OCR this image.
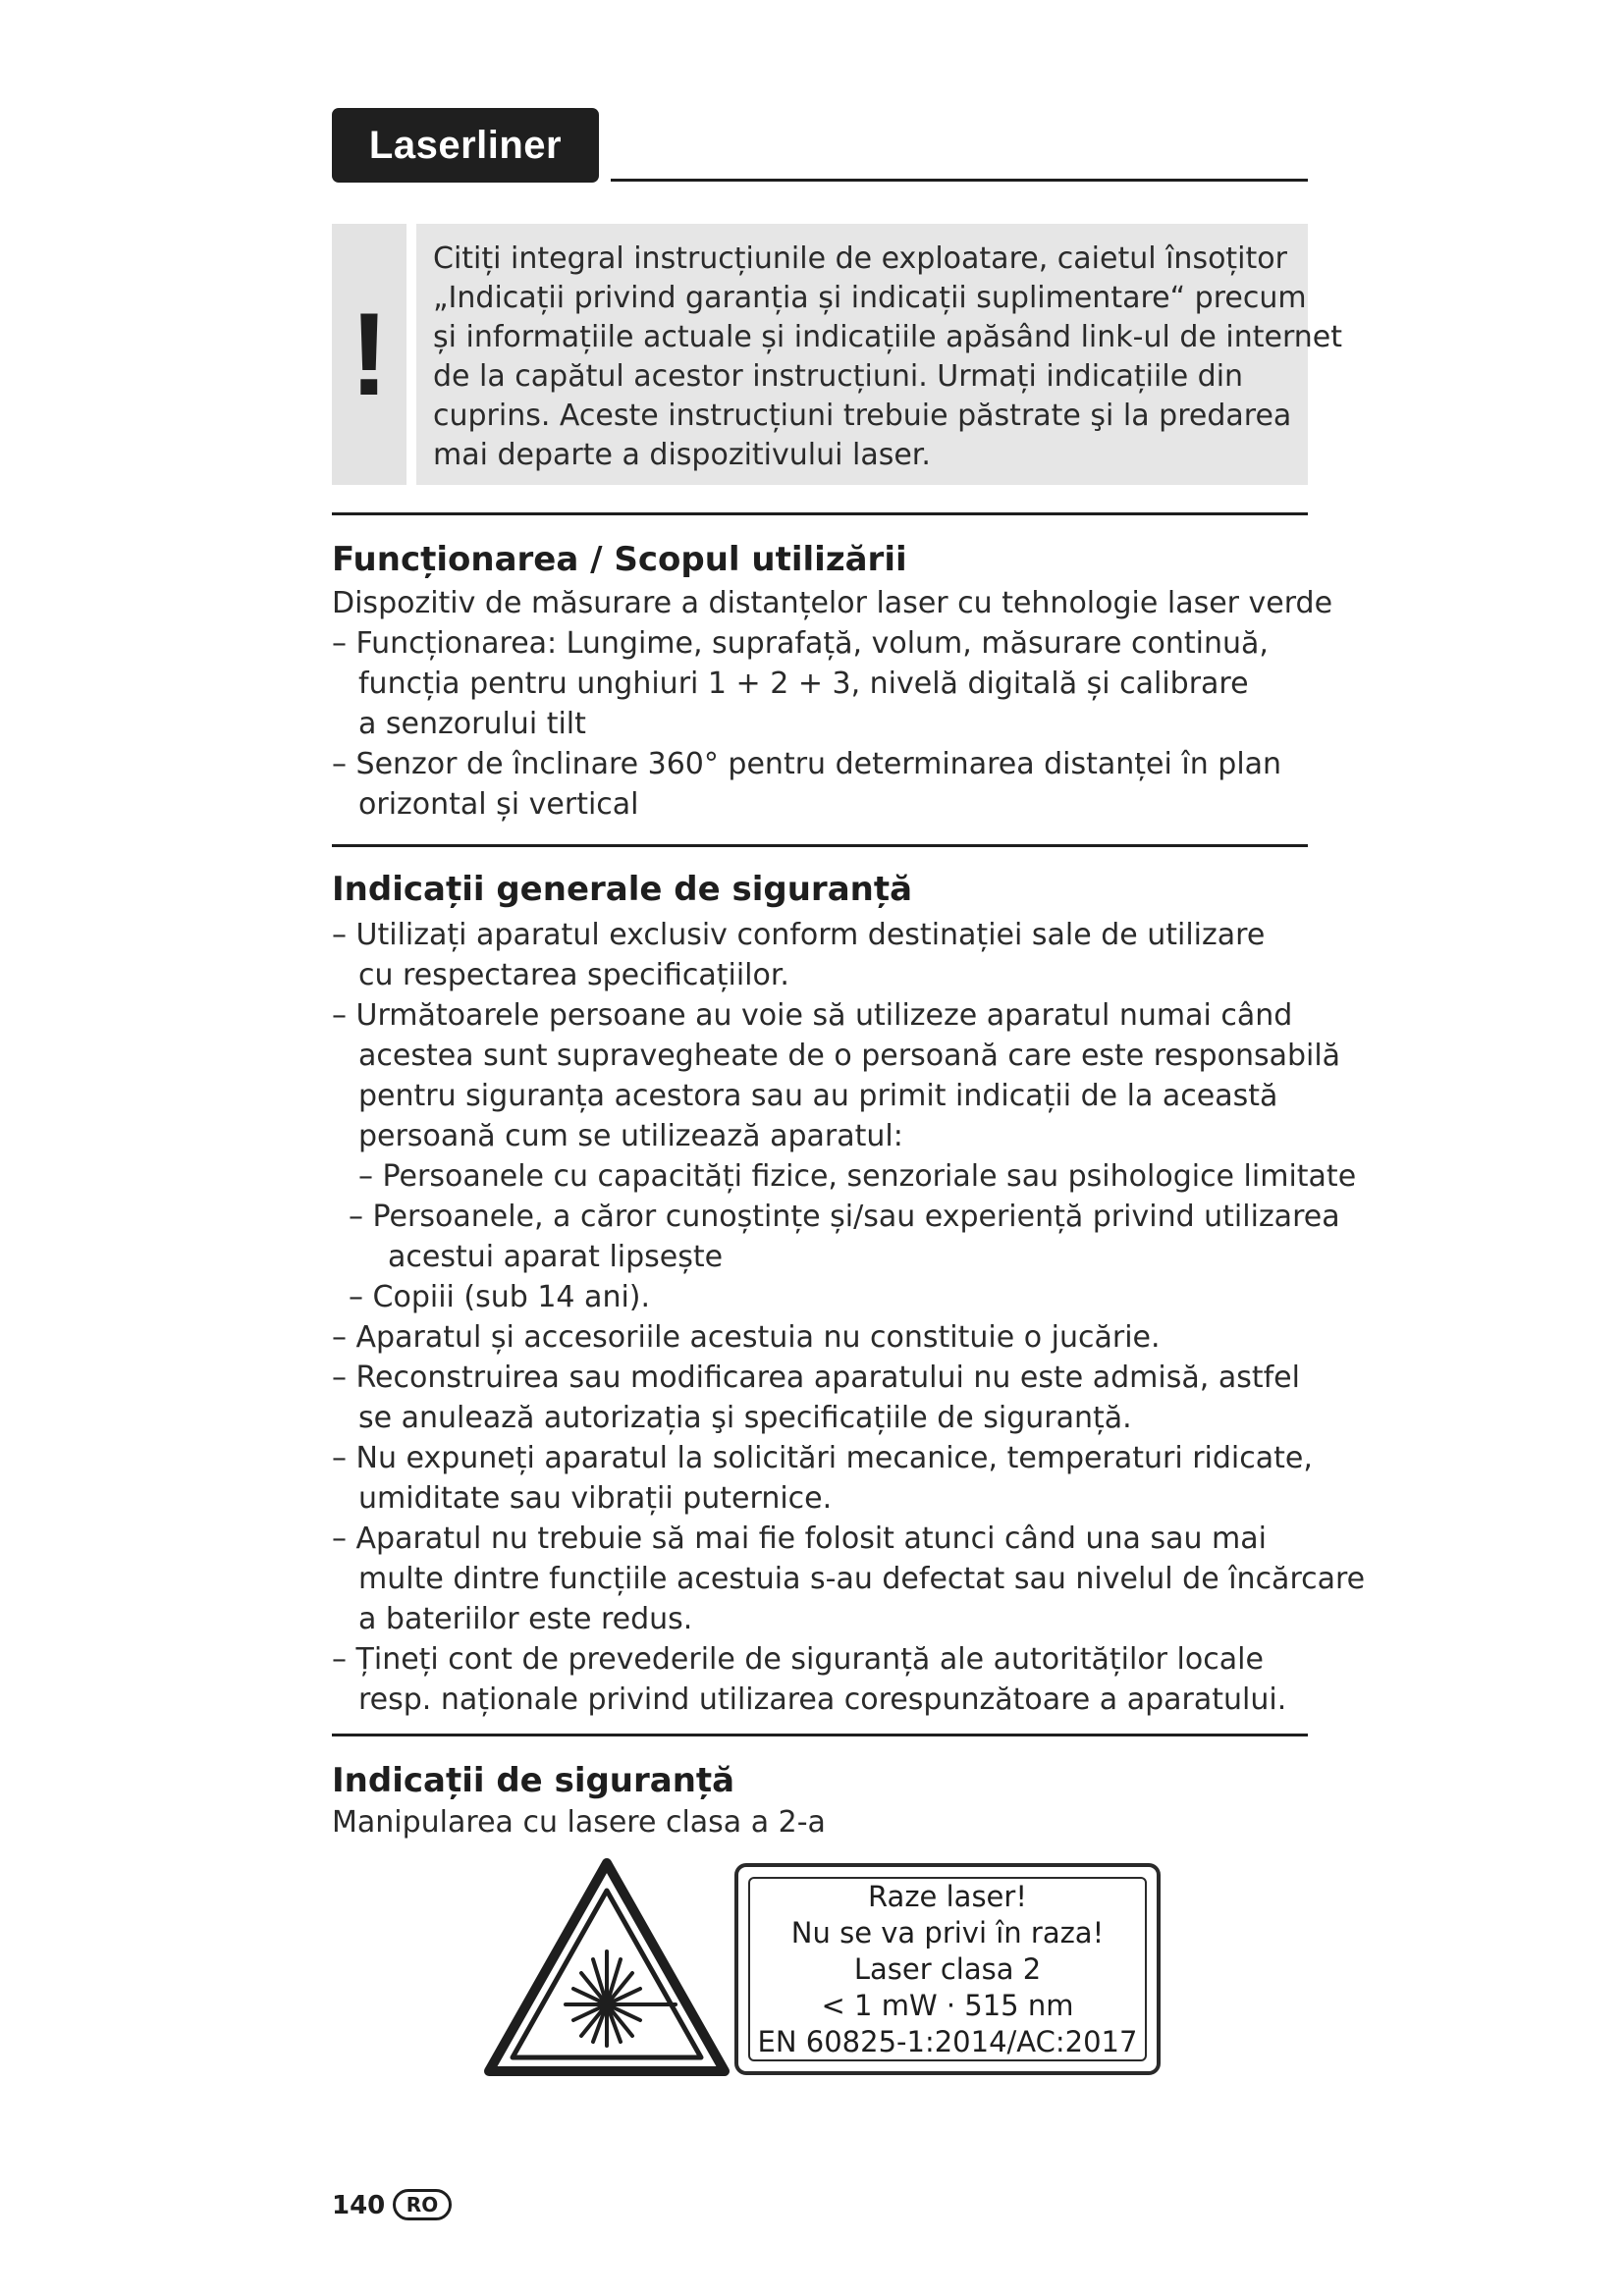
Laserliner
!

Citiți integral instrucțiunile de exploatare, caietul însoțitor
„Indicații privind garanția și indicații suplimentare“ precum
și informațiile actuale și indicațiile apăsând link-ul de internet
de la capătul acestor instrucțiuni. Urmați indicațiile din
cuprins. Aceste instrucțiuni trebuie păstrate şi la predarea
mai departe a dispozitivului laser.

Funcționarea / Scopul utilizării
Dispozitiv de măsurare a distanțelor laser cu tehnologie laser verde
– Funcționarea: Lungime, suprafață, volum, măsurare continuă,
funcția pentru unghiuri 1 + 2 + 3, nivelă digitală și calibrare
a senzorului tilt
– Senzor de înclinare 360° pentru determinarea distanței în plan
orizontal și vertical
Indicații generale de siguranță
– Utilizați aparatul exclusiv conform destinației sale de utilizare
cu respectarea specificațiilor.
– Următoarele persoane au voie să utilizeze aparatul numai când
acestea sunt supravegheate de o persoană care este responsabilă
pentru siguranța acestora sau au primit indicații de la această
persoană cum se utilizează aparatul:
– Persoanele cu capacități fizice, senzoriale sau psihologice limitate
– Persoanele, a căror cunoștințe și/sau experiență privind utilizarea
acestui aparat lipsește
– Copiii (sub 14 ani).
– Aparatul și accesoriile acestuia nu constituie o jucărie.
– Reconstruirea sau modificarea aparatului nu este admisă, astfel
se anulează autorizația şi specificațiile de siguranță.
– Nu expuneți aparatul la solicitări mecanice, temperaturi ridicate,
umiditate sau vibrații puternice.
– Aparatul nu trebuie să mai fie folosit atunci când una sau mai
multe dintre funcțiile acestuia s-au defectat sau nivelul de încărcare
a bateriilor este redus.
– Țineți cont de prevederile de siguranță ale autorităților locale
resp. naționale privind utilizarea corespunzătoare a aparatului.
Indicații de siguranță
Manipularea cu lasere clasa a 2-a
Raze laser!
Nu se va privi în raza!
Laser clasa 2
< 1 mW · 515 nm
EN 60825-1:2014/AC:2017
140	RO
